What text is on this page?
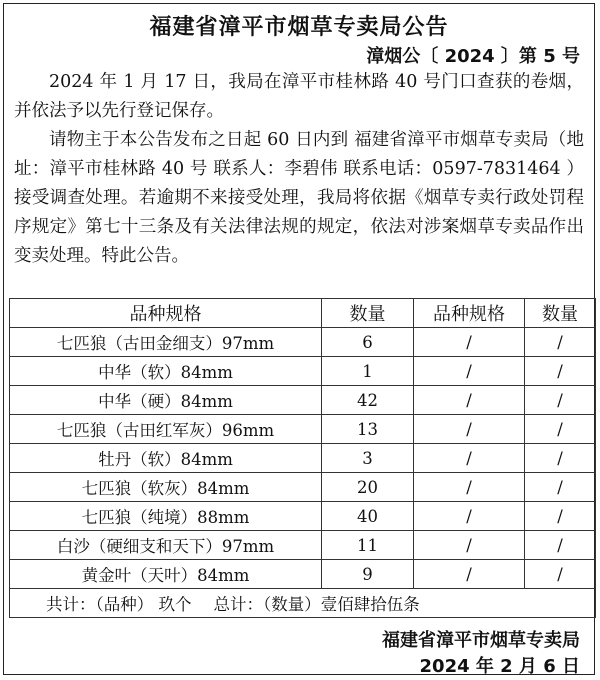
福建省漳平市烟草专卖局公告
漳烟公〔 2024 〕第 5 号

2024 年 1 月 17 日，我局在漳平市桂林路 40 号门口查获的卷烟，并依法予以先行登记保存。

请物主于本公告发布之日起 60 日内到 福建省漳平市烟草专卖局（地址：漳平市桂林路 40 号 联系人：李碧伟 联系电话：0597-7831464 ）接受调查处理。若逾期不来接受处理，我局将依据《烟草专卖行政处罚程序规定》第七十三条及有关法律法规的规定，依法对涉案烟草专卖品作出变卖处理。特此公告。

品种规格	数量	品种规格	数量
七匹狼（古田金细支）97mm	6	/	/
中华（软）84mm	1	/	/
中华（硬）84mm	42	/	/
七匹狼（古田红军灰）96mm	13	/	/
牡丹（软）84mm	3	/	/
七匹狼（软灰）84mm	20	/	/
七匹狼（纯境）88mm	40	/	/
白沙（硬细支和天下）97mm	11	/	/
黄金叶（天叶）84mm	9	/	/
共计：（品种） 玖个 总计：（数量）壹佰肆拾伍条			
福建省漳平市烟草专卖局
2024 年 2 月 6 日
